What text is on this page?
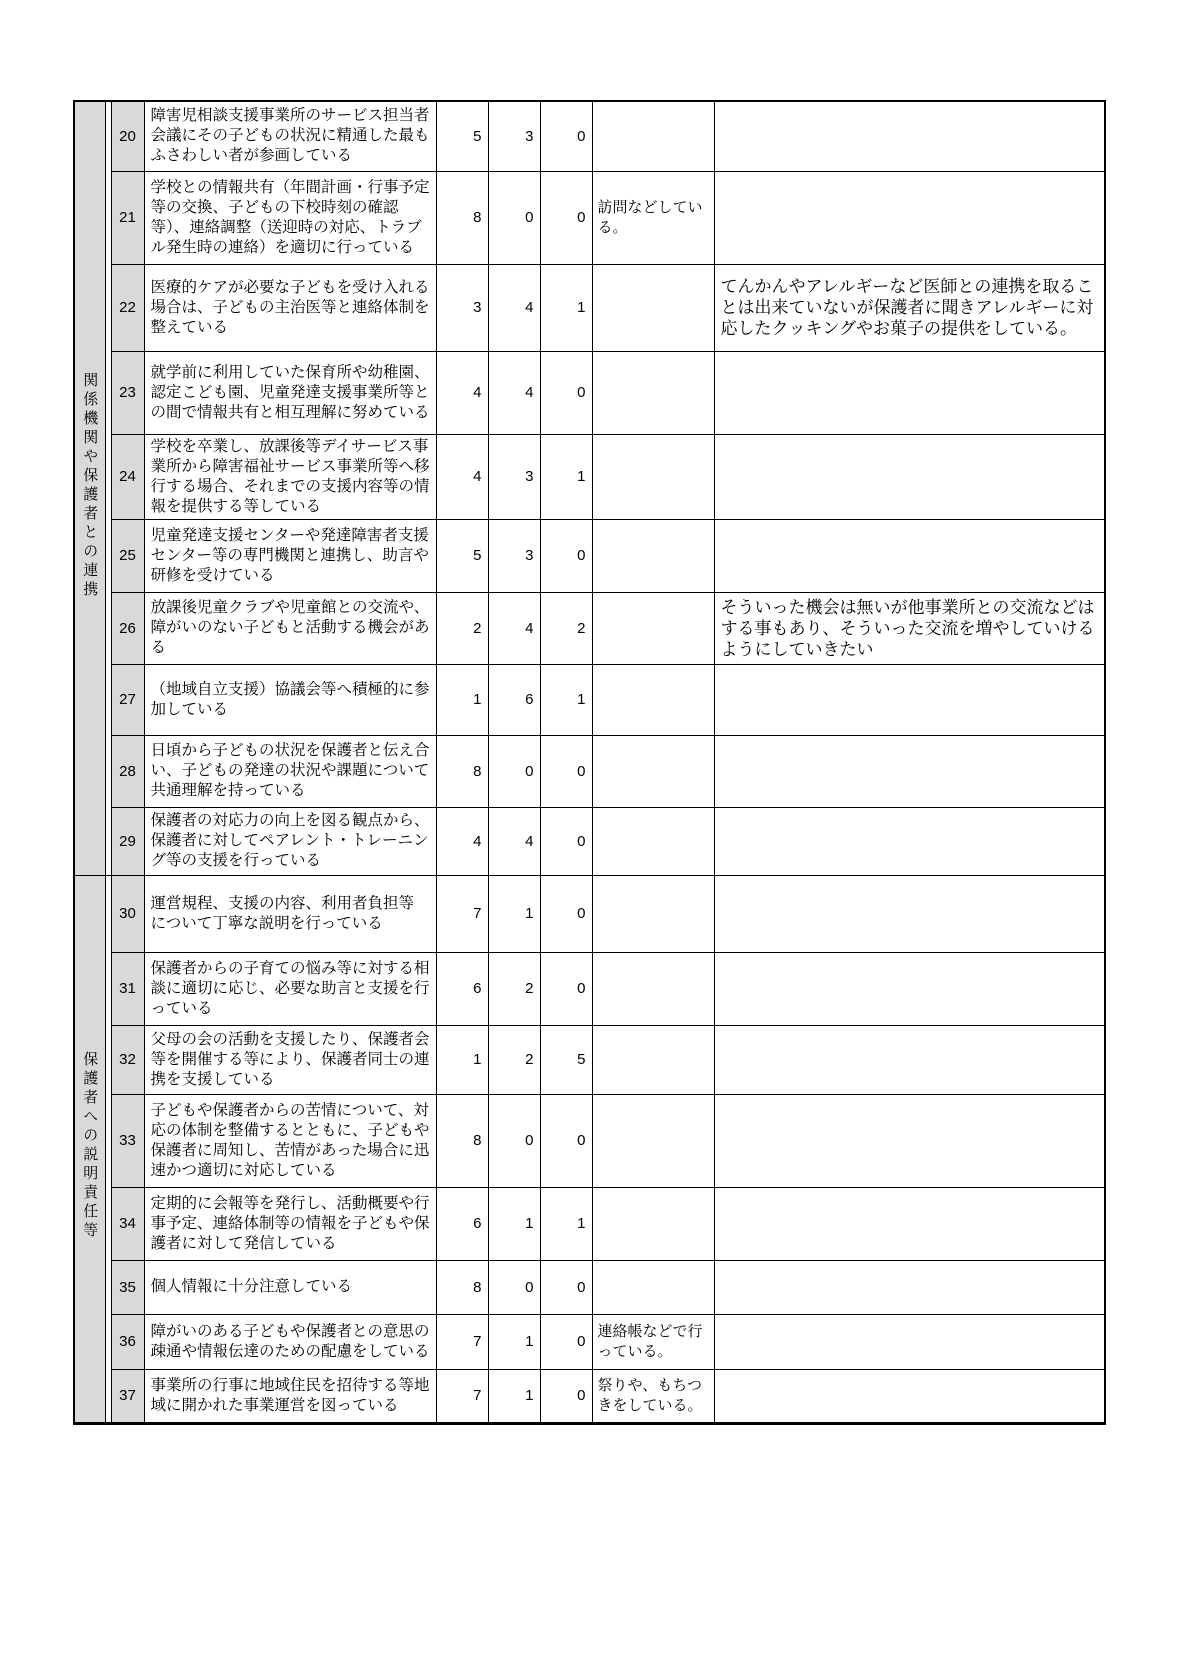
関係機関や保護者との連携		20	障害児相談支援事業所のサービス担当者会議にその子どもの状況に精通した最もふさわしい者が参画している	5	3	0		
		21	学校との情報共有（年間計画・行事予定等の交換、子どもの下校時刻の確認等）、連絡調整（送迎時の対応、トラブル発生時の連絡）を適切に行っている	8	0	0	訪問などしている。	
		22	医療的ケアが必要な子どもを受け入れる場合は、子どもの主治医等と連絡体制を整えている	3	4	1		てんかんやアレルギーなど医師との連携を取ることは出来ていないが保護者に聞きアレルギーに対応したクッキングやお菓子の提供をしている。
		23	就学前に利用していた保育所や幼稚園、認定こども園、児童発達支援事業所等との間で情報共有と相互理解に努めている	4	4	0		
		24	学校を卒業し、放課後等デイサービス事業所から障害福祉サービス事業所等へ移行する場合、それまでの支援内容等の情報を提供する等している	4	3	1		
		25	児童発達支援センターや発達障害者支援センター等の専門機関と連携し、助言や研修を受けている	5	3	0		
		26	放課後児童クラブや児童館との交流や、障がいのない子どもと活動する機会がある	2	4	2		そういった機会は無いが他事業所との交流などはする事もあり、そういった交流を増やしていけるようにしていきたい
		27	（地域自立支援）協議会等へ積極的に参加している	1	6	1		
		28	日頃から子どもの状況を保護者と伝え合い、子どもの発達の状況や課題について共通理解を持っている	8	0	0		
		29	保護者の対応力の向上を図る観点から、保護者に対してペアレント・トレーニング等の支援を行っている	4	4	0		
保護者への説明責任等		30	運営規程、支援の内容、利用者負担等について丁寧な説明を行っている	7	1	0		
		31	保護者からの子育ての悩み等に対する相談に適切に応じ、必要な助言と支援を行っている	6	2	0		
		32	父母の会の活動を支援したり、保護者会等を開催する等により、保護者同士の連携を支援している	1	2	5		
		33	子どもや保護者からの苦情について、対応の体制を整備するとともに、子どもや保護者に周知し、苦情があった場合に迅速かつ適切に対応している	8	0	0		
		34	定期的に会報等を発行し、活動概要や行事予定、連絡体制等の情報を子どもや保護者に対して発信している	6	1	1		
		35	個人情報に十分注意している	8	0	0		
		36	障がいのある子どもや保護者との意思の疎通や情報伝達のための配慮をしている	7	1	0	連絡帳などで行っている。	
		37	事業所の行事に地域住民を招待する等地域に開かれた事業運営を図っている	7	1	0	祭りや、もちつきをしている。	
